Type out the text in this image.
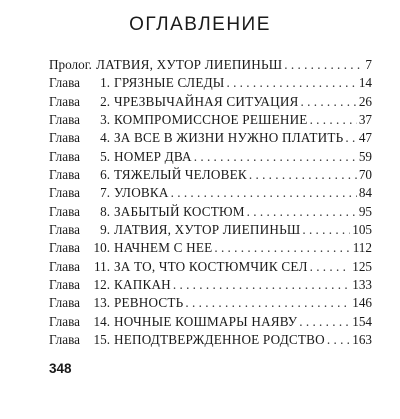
ОГЛАВЛЕНИЕ
Пролог. ЛАТВИЯ, ХУТОР ЛИЕПИНЬШ . . .	7
Глава	1. ГРЯЗНЫЕ СЛЕДЫ . . .	14
Глава	2. ЧРЕЗВЫЧАЙНАЯ СИТУАЦИЯ . . .	26
Глава	3. КОМПРОМИССНОЕ РЕШЕНИЕ . . .	37
Глава	4. ЗА ВСЕ В ЖИЗНИ НУЖНО ПЛАТИТЬ . . . 47
Глава	5. НОМЕР ДВА . . .	59
Глава	6. ТЯЖЕЛЫЙ ЧЕЛОВЕК . . .	70
Глава	7. УЛОВКА . . .	84
Глава	8. ЗАБЫТЫЙ КОСТЮМ . . .	95
Глава	9. ЛАТВИЯ, ХУТОР ЛИЕПИНЬШ . . .	105
Глава	10. НАЧНЕМ С НЕЕ . . .	112
Глава	11. ЗА ТО, ЧТО КОСТЮМЧИК СЕЛ . . .	125
Глава	12. КАПКАН . . .	133
Глава	13. РЕВНОСТЬ . . .	146
Глава	14. НОЧНЫЕ КОШМАРЫ НАЯВУ . . .	154
Глава	15. НЕПОДТВЕРЖДЕННОЕ РОДСТВО . . . 163
348
